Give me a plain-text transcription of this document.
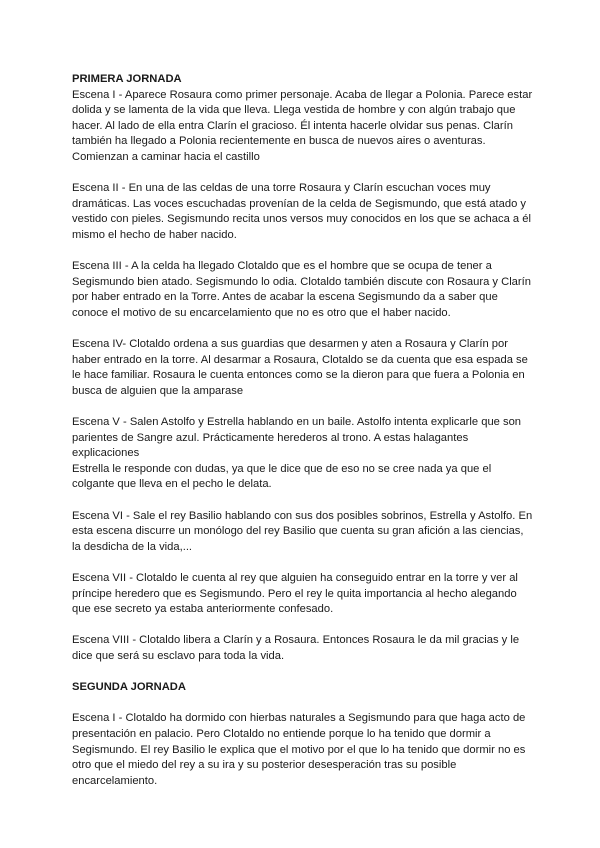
PRIMERA JORNADA

Escena I - Aparece Rosaura como primer personaje. Acaba de llegar a Polonia. Parece estar dolida y se lamenta de la vida que lleva. Llega vestida de hombre y con algún trabajo que hacer. Al lado de ella entra Clarín el gracioso. Él intenta hacerle olvidar sus penas. Clarín también ha llegado a Polonia recientemente en busca de nuevos aires o aventuras. Comienzan a caminar hacia el castillo

Escena II - En una de las celdas de una torre Rosaura y Clarín escuchan voces muy dramáticas. Las voces escuchadas provenían de la celda de Segismundo, que está atado y vestido con pieles. Segismundo recita unos versos muy conocidos en los que se achaca a él mismo el hecho de haber nacido.

Escena III - A la celda ha llegado Clotaldo que es el hombre que se ocupa de tener a Segismundo bien atado. Segismundo lo odia. Clotaldo también discute con Rosaura y Clarín por haber entrado en la Torre. Antes de acabar la escena Segismundo da a saber que conoce el motivo de su encarcelamiento que no es otro que el haber nacido.

Escena IV- Clotaldo ordena a sus guardias que desarmen y aten a Rosaura y Clarín por haber entrado en la torre. Al desarmar a Rosaura, Clotaldo se da cuenta que esa espada se le hace familiar. Rosaura le cuenta entonces como se la dieron para que fuera a Polonia en busca de alguien que la amparase

Escena V - Salen Astolfo y Estrella hablando en un baile. Astolfo intenta explicarle que son parientes de Sangre azul. Prácticamente herederos al trono. A estas halagantes explicaciones

Estrella le responde con dudas, ya que le dice que de eso no se cree nada ya que el colgante que lleva en el pecho le delata.

Escena VI - Sale el rey Basilio hablando con sus dos posibles sobrinos, Estrella y Astolfo. En esta escena discurre un monólogo del rey Basilio que cuenta su gran afición a las ciencias, la desdicha de la vida,...

Escena VII - Clotaldo le cuenta al rey que alguien ha conseguido entrar en la torre y ver al príncipe heredero que es Segismundo. Pero el rey le quita importancia al hecho alegando que ese secreto ya estaba anteriormente confesado.

Escena VIII - Clotaldo libera a Clarín y a Rosaura. Entonces Rosaura le da mil gracias y le dice que será su esclavo para toda la vida.

SEGUNDA JORNADA

Escena I - Clotaldo ha dormido con hierbas naturales a Segismundo para que haga acto de presentación en palacio. Pero Clotaldo no entiende porque lo ha tenido que dormir a Segismundo. El rey Basilio le explica que el motivo por el que lo ha tenido que dormir no es otro que el miedo del rey a su ira y su posterior desesperación tras su posible encarcelamiento.
